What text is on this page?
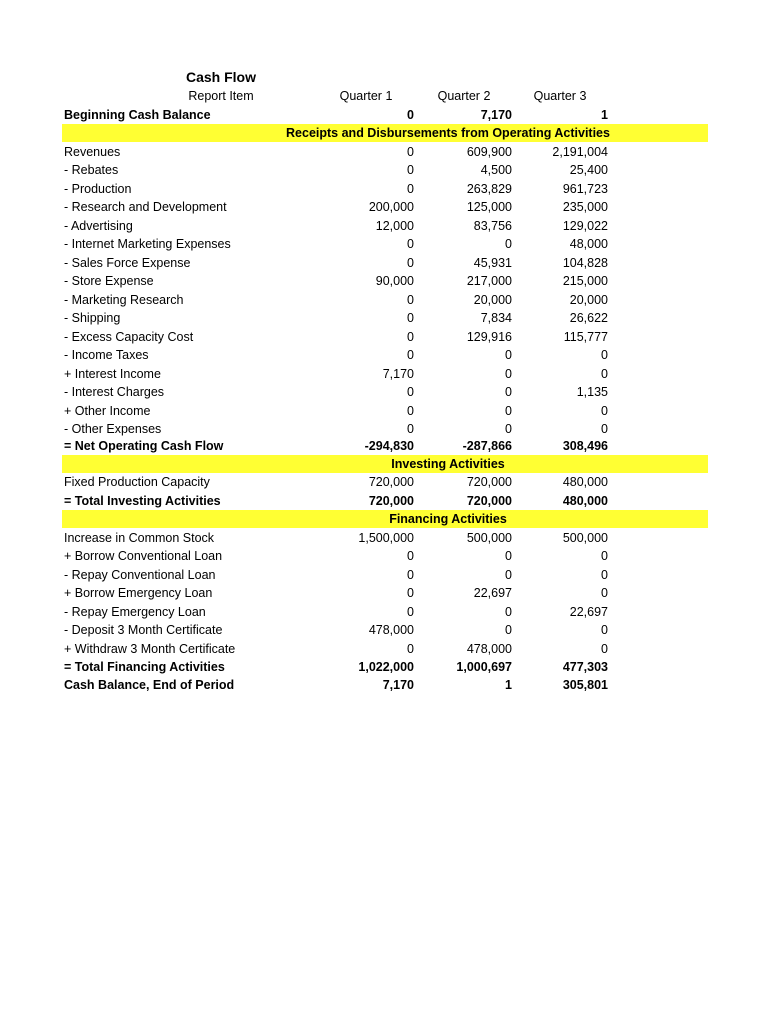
Cash Flow
Report Item	Quarter 1	Quarter 2	Quarter 3
Beginning Cash Balance	0	7,170	1
Receipts and Disbursements from Operating Activities
Revenues	0	609,900	2,191,004
- Rebates	0	4,500	25,400
- Production	0	263,829	961,723
- Research and Development	200,000	125,000	235,000
- Advertising	12,000	83,756	129,022
- Internet Marketing Expenses	0	0	48,000
- Sales Force Expense	0	45,931	104,828
- Store Expense	90,000	217,000	215,000
- Marketing Research	0	20,000	20,000
- Shipping	0	7,834	26,622
- Excess Capacity Cost	0	129,916	115,777
- Income Taxes	0	0	0
+ Interest Income	7,170	0	0
- Interest Charges	0	0	1,135
+ Other Income	0	0	0
- Other Expenses	0	0	0
= Net Operating Cash Flow	-294,830	-287,866	308,496
Investing Activities
Fixed Production Capacity	720,000	720,000	480,000
= Total Investing Activities	720,000	720,000	480,000
Financing Activities
Increase in Common Stock	1,500,000	500,000	500,000
+ Borrow Conventional Loan	0	0	0
- Repay Conventional Loan	0	0	0
+ Borrow Emergency Loan	0	22,697	0
- Repay Emergency Loan	0	0	22,697
- Deposit 3 Month Certificate	478,000	0	0
+ Withdraw 3 Month Certificate	0	478,000	0
= Total Financing Activities	1,022,000	1,000,697	477,303
Cash Balance, End of Period	7,170	1	305,801
